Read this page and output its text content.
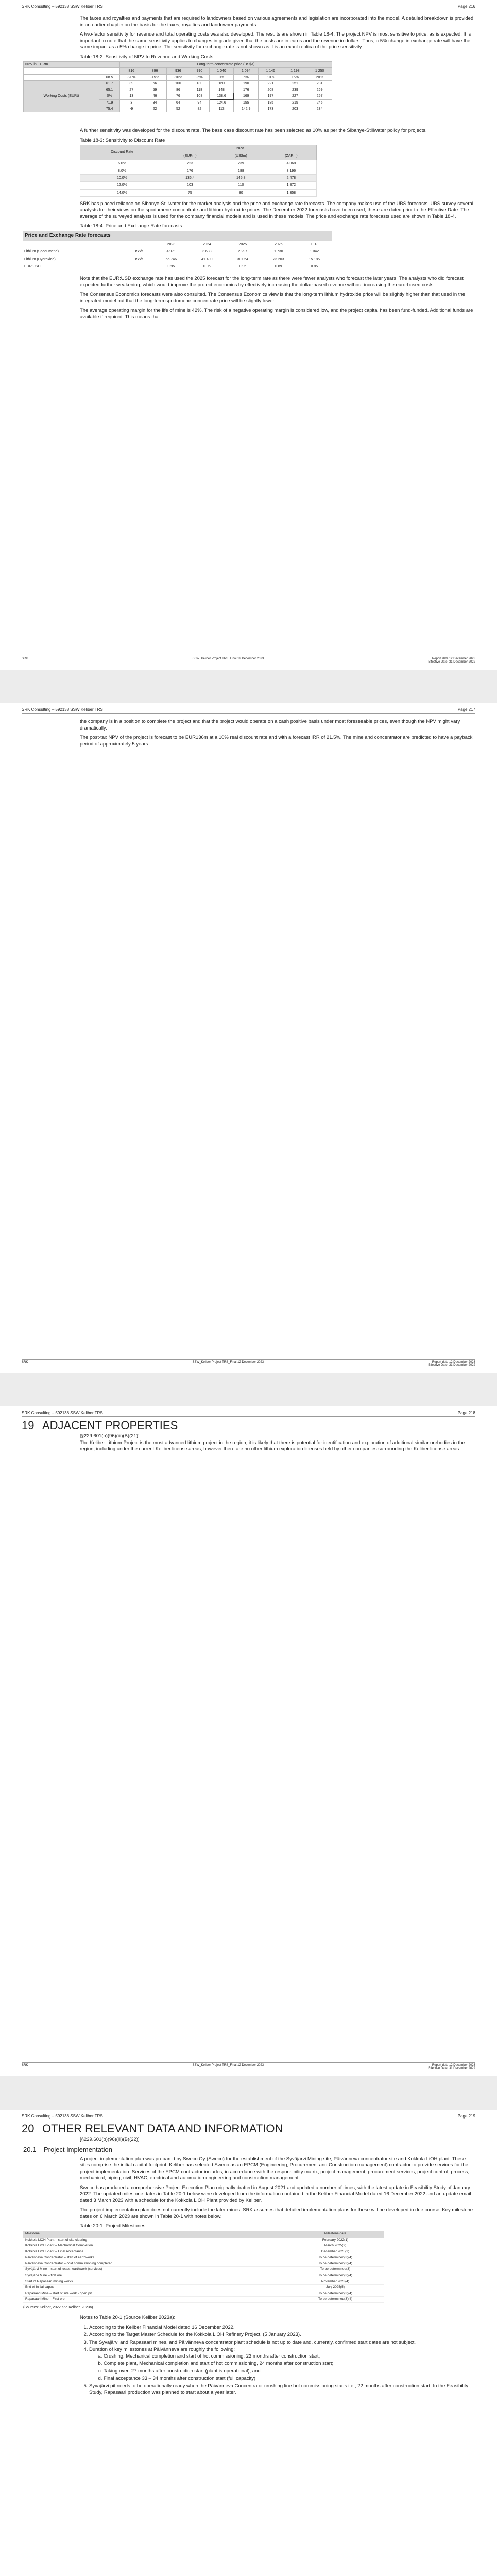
SRK Consulting – 592138 SSW Keliber TRS	Page 216

The taxes and royalties and payments that are required to landowners based on various agreements and legislation are incorporated into the model. A detailed breakdown is provided in an earlier chapter on the basis for the taxes, royalties and landowner payments.

A two-factor sensitivity for revenue and total operating costs was also developed. The results are shown in Table 18-4. The project NPV is most sensitive to price, as is expected. It is important to note that the same sensitivity applies to changes in grade given that the costs are in euros and the revenue in dollars. Thus, a 5% change in exchange rate will have the same impact as a 5% change in price. The sensitivity for exchange rate is not shown as it is an exact replica of the price sensitivity.

Table 18-2: Sensitivity of NPV to Revenue and Working Costs
NPV in EURm		Long-term concentrate price (US$/t)								
		816	896	936	990	1 040	1 094	1 146	1 198	1 250
	68.5	-20%	-15%	-10%	-5%	0%	5%	10%	15%	20%
Working Costs (EURt)	61.7	39	66	100	130	160	190	221	251	281
	65.1	27	59	86	118	148	176	208	239	269
	0%	13	46	76	108	138.6	169	197	227	257
	71.9	3	34	64	94	124.6	155	185	215	245
	75.4	-9	22	52	82	113	142.9	173	203	234

A further sensitivity was developed for the discount rate. The base case discount rate has been selected as 10% as per the Sibanye-Stillwater policy for projects.

Table 18-3: Sensitivity to Discount Rate
Discount Rate	NPV		
	(EURm)	(US$m)	(ZARm)
6.0%	223	239	4 068
8.0%	176	188	3 196
10.0%	136.4	145.8	2 478
12.0%	103	110	1 872
14.0%	75	80	1 358

SRK has placed reliance on Sibanye-Stillwater for the market analysis and the price and exchange rate forecasts. The company makes use of the UBS forecasts. UBS survey several analysts for their views on the spodumene concentrate and lithium hydroxide prices. The December 2022 forecasts have been used, these are dated prior to the Effective Date. The average of the surveyed analysts is used for the company financial models and is used in these models. The price and exchange rate forecasts used are shown in Table 18-4.

Table 18-4: Price and Exchange Rate forecasts
Price and Exchange Rate forecasts						
		2023	2024	2025	2026	LTP
Lithium (Spodumene)	US$/t	4 971	3 638	2 297	1 730	1 042
Lithium (Hydroxide)	US$/t	55 746	41 490	30 054	23 203	15 185
EUR:USD		0.95	0.95	0.95	0.89	0.85

Note that the EUR:USD exchange rate has used the 2025 forecast for the long-term rate as there were fewer analysts who forecast the later years. The analysts who did forecast expected further weakening, which would improve the project economics by effectively increasing the dollar-based revenue without increasing the euro-based costs.

The Consensus Economics forecasts were also consulted. The Consensus Economics view is that the long-term lithium hydroxide price will be slightly higher than that used in the integrated model but that the long-term spodumene concentrate price will be slightly lower.

The average operating margin for the life of mine is 42%. The risk of a negative operating margin is considered low, and the project capital has been fund-funded. Additional funds are available if required. This means that

SRK	SSW_Keliber Project TRS_Final 12 December 2023	Report date 12 December 2023
Effective Date: 31 December 2022
SRK Consulting – 592138 SSW Keliber TRS	Page 217

the company is in a position to complete the project and that the project would operate on a cash positive basis under most foreseeable prices, even though the NPV might vary dramatically.

The post-tax NPV of the project is forecast to be EUR136m at a 10% real discount rate and with a forecast IRR of 21.5%. The mine and concentrator are predicted to have a payback period of approximately 5 years.

SRK	SSW_Keliber Project TRS_Final 12 December 2023	Report date 12 December 2023
Effective Date: 31 December 2022
SRK Consulting – 592138 SSW Keliber TRS	Page 218
19 ADJACENT PROPERTIES
[§229.601(b)(96)(iii)(B)(21)]

The Keliber Lithium Project is the most advanced lithium project in the region, it is likely that there is potential for identification and exploration of additional similar orebodies in the region, including under the current Keliber license areas, however there are no other lithium exploration licenses held by other companies surrounding the Keliber license areas.

SRK	SSW_Keliber Project TRS_Final 12 December 2023	Report date 12 December 2023
Effective Date: 31 December 2022
SRK Consulting – 592138 SSW Keliber TRS	Page 219
20 OTHER RELEVANT DATA AND INFORMATION
[§229.601(b)(96)(iii)(B)(22)]
20.1 Project Implementation

A project implementation plan was prepared by Sweco Oy (Sweco) for the establishment of the Syväjärvi Mining site, Päivänneva concentrator site and Kokkola LiOH plant. These sites comprise the initial capital footprint. Keliber has selected Sweco as an EPCM (Engineering, Procurement and Construction management) contractor to provide services for the project implementation. Services of the EPCM contractor includes, in accordance with the responsibility matrix, project management, procurement services, project control, process, mechanical, piping, civil, HVAC, electrical and automation engineering and construction management.

Sweco has produced a comprehensive Project Execution Plan originally drafted in August 2021 and updated a number of times, with the latest update in Feasibility Study of January 2022. The updated milestone dates in Table 20-1 below were developed from the information contained in the Keliber Financial Model dated 16 December 2022 and an update email dated 3 March 2023 with a schedule for the Kokkola LiOH Plant provided by Keliber.

The project implementation plan does not currently include the later mines. SRK assumes that detailed implementation plans for these will be developed in due course. Key milestone dates on 6 March 2023 are shown in Table 20-1 with notes below.

Table 20-1: Project Milestones
Milestone	Milestone date
Kokkola LiOH Plant – start of site clearing	February 2022(1)
Kokkola LiOH Plant – Mechanical Completion	March 2025(2)
Kokkola LiOH Plant – Final Acceptance	December 2025(2)
Päivänneva Concentrator – start of earthworks	To be determined(3)(4)
Päivänneva Concentrator – cold commissioning completed	To be determined(3)(4)
Syväjärvi Mine – start of roads, earthwork (services)	To be determined(3)
Syväjärvi Mine – first ore	To be determined(3)(4)
Start of Rapasaari mining works	November 2023(4)
End of Initial capex	July 2025(5)
Rapasaari Mine – start of site work - open pit	To be determined(3)(4)
Rapasaari Mine – First ore	To be determined(3)(4)
(Sources: Keliber, 2022 and Keliber, 2023a)

Notes to Table 20-1 (Source Keliber 2023a):

1. According to the Keliber Financial Model dated 16 December 2022.
2. According to the Target Master Schedule for the Kokkola LiOH Refinery Project, (5 January 2023).
3. The Syväjärvi and Rapasaari mines, and Päivänneva concentrator plant schedule is not up to date and, currently, confirmed start dates are not subject.
4. Duration of key milestones at Päivänneva are roughly the following:
a. Crushing, Mechanical completion and start of hot commissioning: 22 months after construction start;
b. Complete plant, Mechanical completion and start of hot commissioning, 24 months after construction start;
c. Taking over: 27 months after construction start (plant is operational); and
d. Final acceptance 33 – 34 months after construction start (full capacity)
5. Syväjärvi pit needs to be operationally ready when the Päivänneva Concentrator crushing line hot commissioning starts i.e., 22 months after construction start. In the Feasibility Study, Rapasaari production was planned to start about a year later.
